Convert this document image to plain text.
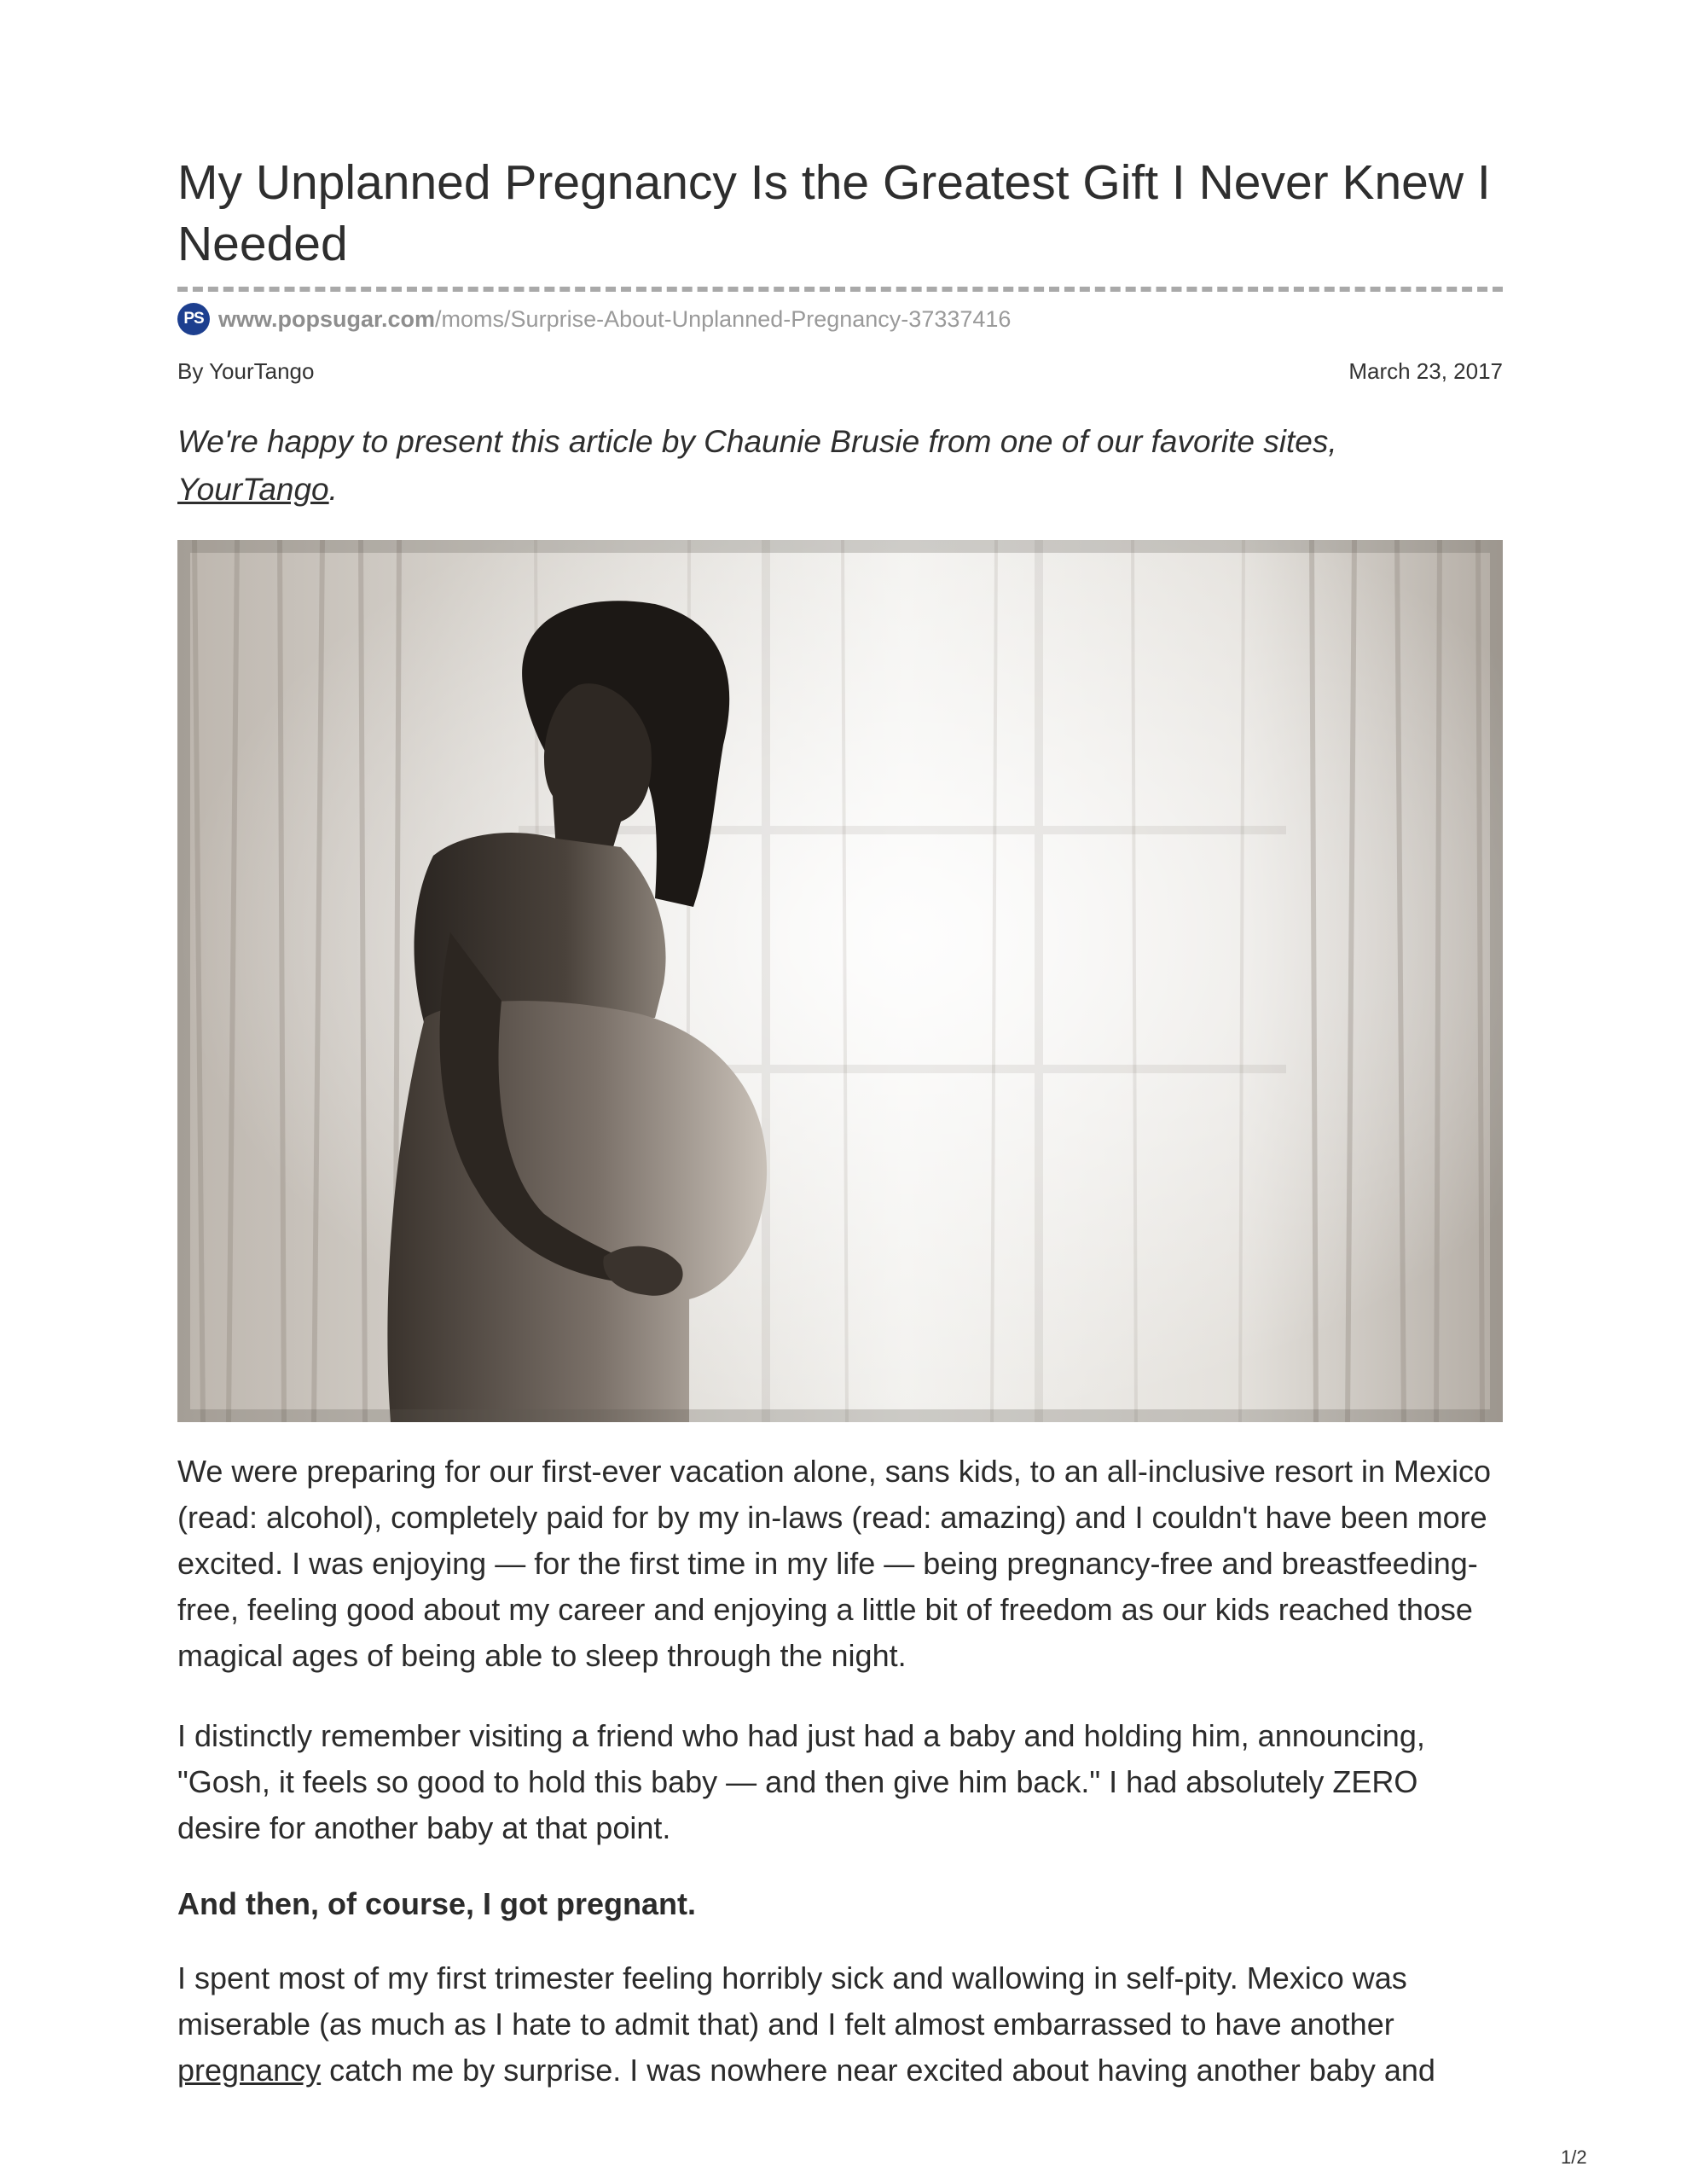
My Unplanned Pregnancy Is the Greatest Gift I Never Knew I Needed
PS www.popsugar.com/moms/Surprise-About-Unplanned-Pregnancy-37337416
By YourTango	March 23, 2017

We're happy to present this article by Chaunie Brusie from one of our favorite sites, YourTango.

We were preparing for our first-ever vacation alone, sans kids, to an all-inclusive resort in Mexico (read: alcohol), completely paid for by my in-laws (read: amazing) and I couldn't have been more excited. I was enjoying — for the first time in my life — being pregnancy-free and breastfeeding-free, feeling good about my career and enjoying a little bit of freedom as our kids reached those magical ages of being able to sleep through the night.

I distinctly remember visiting a friend who had just had a baby and holding him, announcing, "Gosh, it feels so good to hold this baby — and then give him back." I had absolutely ZERO desire for another baby at that point.

And then, of course, I got pregnant.

I spent most of my first trimester feeling horribly sick and wallowing in self-pity. Mexico was miserable (as much as I hate to admit that) and I felt almost embarrassed to have another pregnancy catch me by surprise. I was nowhere near excited about having another baby and

1/2
